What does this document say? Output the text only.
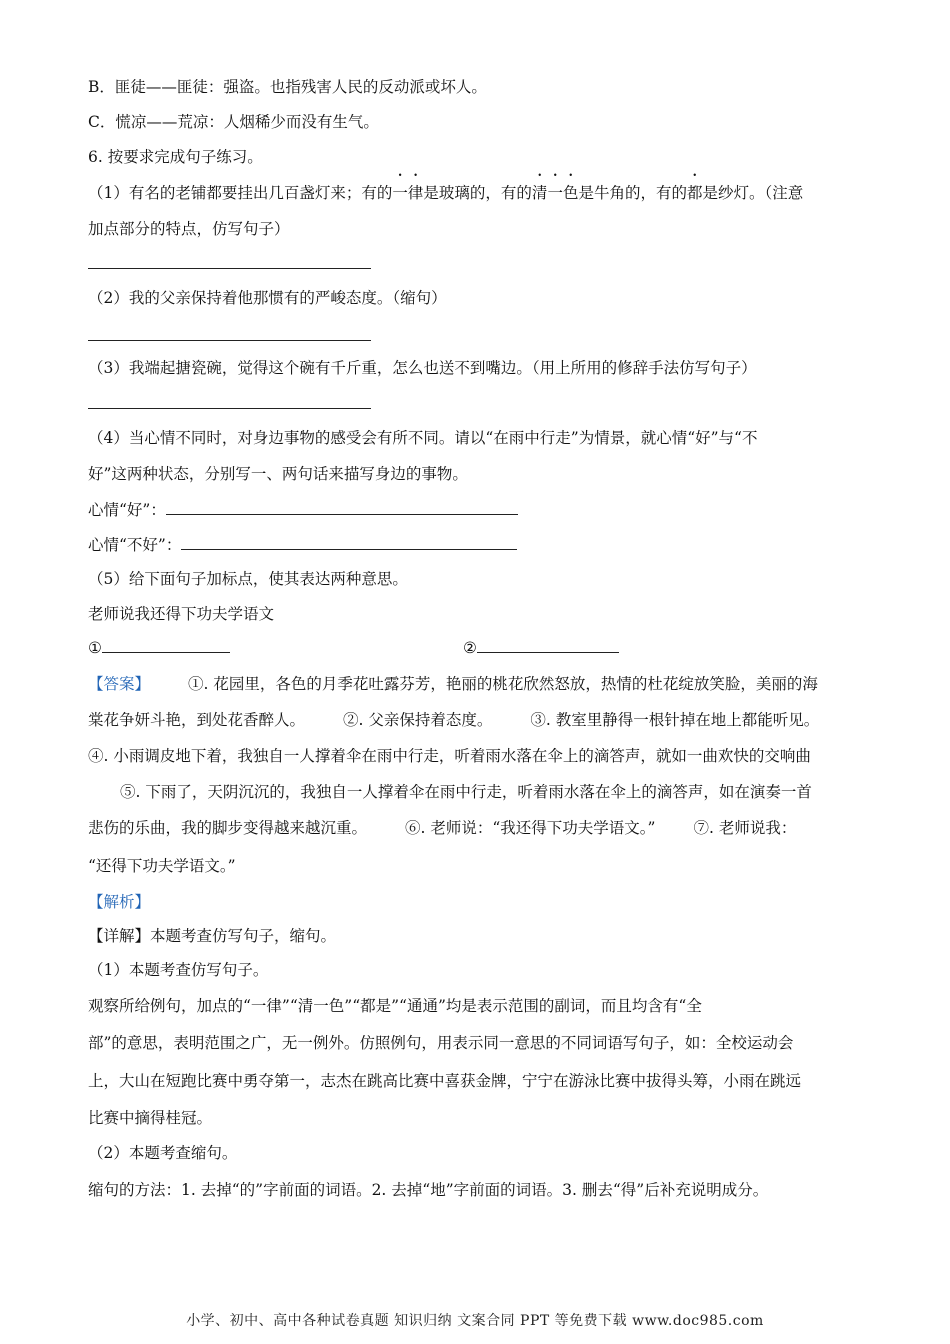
B．匪徒——匪徒：强盗。也指残害人民的反动派或坏人。
C．慌凉——荒凉：人烟稀少而没有生气。
6. 按要求完成句子练习。
（1）有名的老铺都要挂出几百盏灯来；有的一律是玻璃的，有的清一色是牛角的，有的都是纱灯。（注意
加点部分的特点，仿写句子）
（2）我的父亲保持着他那惯有的严峻态度。（缩句）
（3）我端起搪瓷碗，觉得这个碗有千斤重，怎么也送不到嘴边。（用上所用的修辞手法仿写句子）
（4）当心情不同时，对身边事物的感受会有所不同。请以“在雨中行走”为情景，就心情“好”与“不
好”这两种状态，分别写一、两句话来描写身边的事物。
心情“好”：
心情“不好”：
（5）给下面句子加标点，使其表达两种意思。
老师说我还得下功夫学语文
①	②
【答案】 ①. 花园里，各色的月季花吐露芬芳，艳丽的桃花欣然怒放，热情的杜花绽放笑脸，美丽的海
棠花争妍斗艳，到处花香醉人。 ②. 父亲保持着态度。 ③. 教室里静得一根针掉在地上都能听见。
④. 小雨调皮地下着，我独自一人撑着伞在雨中行走，听着雨水落在伞上的滴答声，就如一曲欢快的交响曲
⑤. 下雨了，天阴沉沉的，我独自一人撑着伞在雨中行走，听着雨水落在伞上的滴答声，如在演奏一首
悲伤的乐曲，我的脚步变得越来越沉重。 ⑥. 老师说：“我还得下功夫学语文。” ⑦. 老师说我：
“还得下功夫学语文。”
【解析】
【详解】本题考查仿写句子，缩句。
（1）本题考查仿写句子。
观察所给例句，加点的“一律”“清一色”“都是”“通通”均是表示范围的副词，而且均含有“全
部”的意思，表明范围之广，无一例外。仿照例句，用表示同一意思的不同词语写句子，如：全校运动会
上，大山在短跑比赛中勇夺第一，志杰在跳高比赛中喜获金牌，宁宁在游泳比赛中拔得头筹，小雨在跳远
比赛中摘得桂冠。
（2）本题考查缩句。
缩句的方法：1. 去掉“的”字前面的词语。2. 去掉“地”字前面的词语。3. 删去“得”后补充说明成分。
小学、初中、高中各种试卷真题 知识归纳 文案合同 PPT 等免费下载 www.doc985.com
